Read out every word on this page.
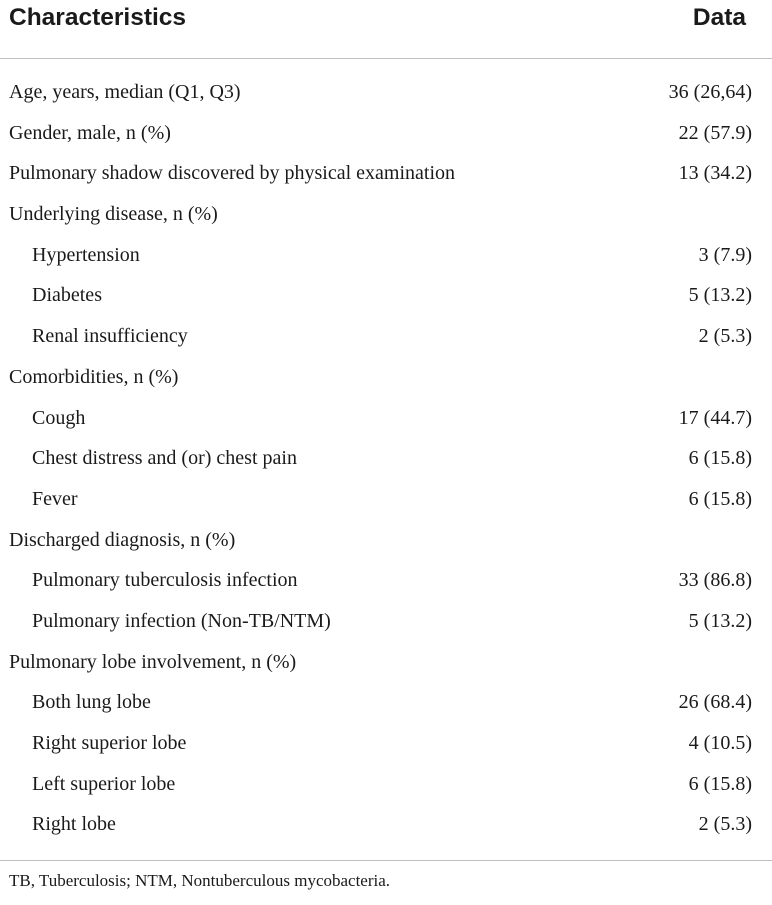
Characteristics	Data
Age, years, median (Q1, Q3)	36 (26,64)
Gender, male, n (%)	22 (57.9)
Pulmonary shadow discovered by physical examination	13 (34.2)
Underlying disease, n (%)
Hypertension	3 (7.9)
Diabetes	5 (13.2)
Renal insufficiency	2 (5.3)
Comorbidities, n (%)
Cough	17 (44.7)
Chest distress and (or) chest pain	6 (15.8)
Fever	6 (15.8)
Discharged diagnosis, n (%)
Pulmonary tuberculosis infection	33 (86.8)
Pulmonary infection (Non-TB/NTM)	5 (13.2)
Pulmonary lobe involvement, n (%)
Both lung lobe	26 (68.4)
Right superior lobe	4 (10.5)
Left superior lobe	6 (15.8)
Right lobe	2 (5.3)
TB, Tuberculosis; NTM, Nontuberculous mycobacteria.
